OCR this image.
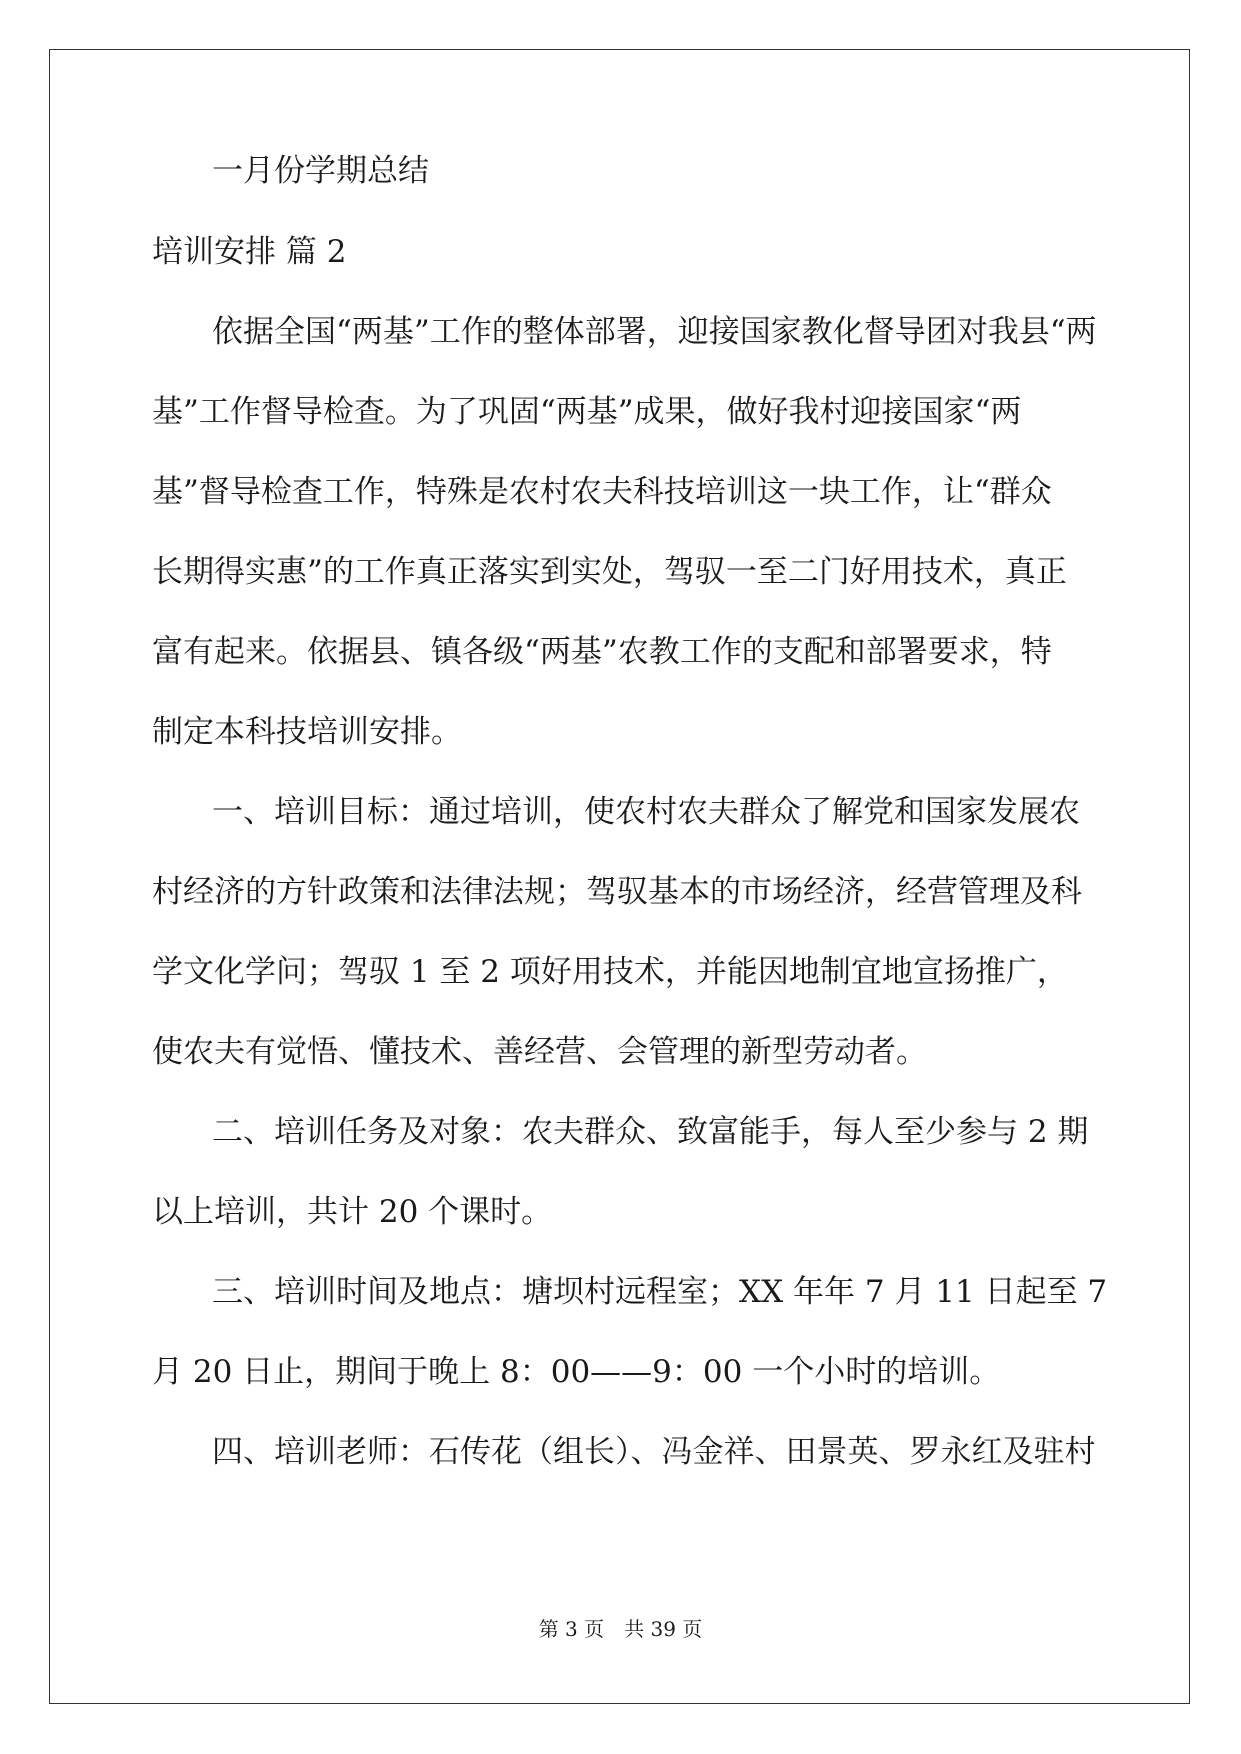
一月份学期总结
培训安排 篇 2
依据全国“两基”工作的整体部署，迎接国家教化督导团对我县“两
基”工作督导检查。为了巩固“两基”成果，做好我村迎接国家“两
基”督导检查工作，特殊是农村农夫科技培训这一块工作，让“群众
长期得实惠”的工作真正落实到实处，驾驭一至二门好用技术，真正
富有起来。依据县、镇各级“两基”农教工作的支配和部署要求，特
制定本科技培训安排。
一、培训目标：通过培训，使农村农夫群众了解党和国家发展农
村经济的方针政策和法律法规；驾驭基本的市场经济，经营管理及科
学文化学问；驾驭 1 至 2 项好用技术，并能因地制宜地宣扬推广，
使农夫有觉悟、懂技术、善经营、会管理的新型劳动者。
二、培训任务及对象：农夫群众、致富能手，每人至少参与 2 期
以上培训，共计 20 个课时。
三、培训时间及地点：塘坝村远程室；XX 年年 7 月 11 日起至 7
月 20 日止，期间于晚上 8：00——9：00 一个小时的培训。
四、培训老师：石传花（组长）、冯金祥、田景英、罗永红及驻村
第 3 页　共 39 页
